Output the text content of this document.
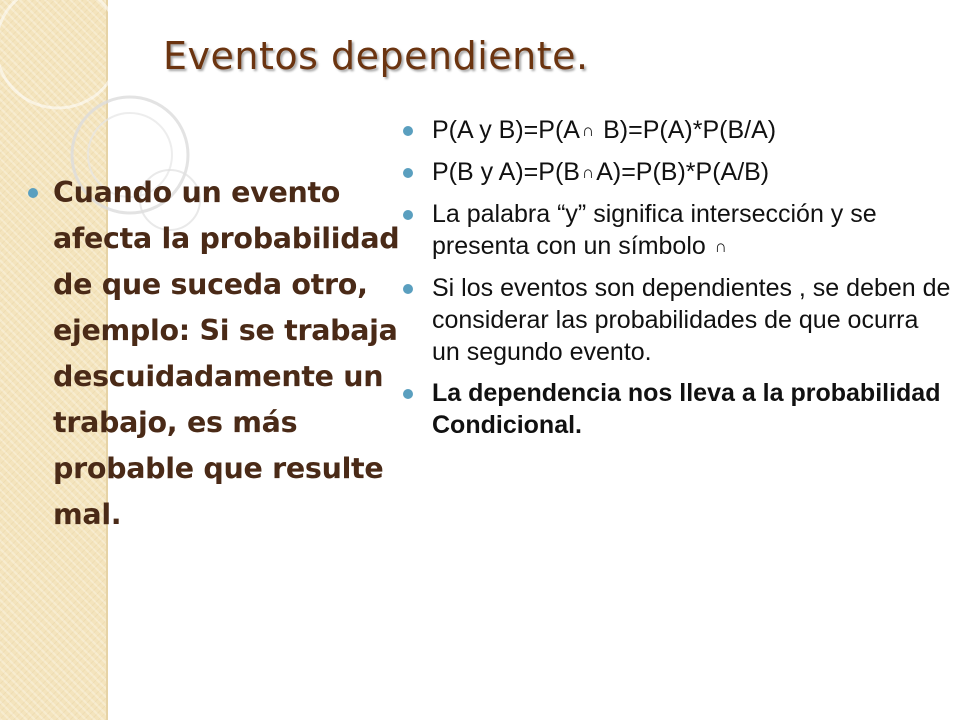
Eventos dependiente.
Cuando un evento afecta la probabilidad de que suceda otro, ejemplo: Si se trabaja descuidadamente un trabajo, es más probable que resulte mal.
P(A y B)=P(A ∩ B)=P(A)*P(B/A)
P(B y A)=P(B ∩A)=P(B)*P(A/B)
La palabra “y” significa intersección y se presenta con un símbolo ∩
Si los eventos son dependientes , se deben de considerar las probabilidades de que ocurra un segundo evento.
La dependencia nos lleva a la probabilidad Condicional.
